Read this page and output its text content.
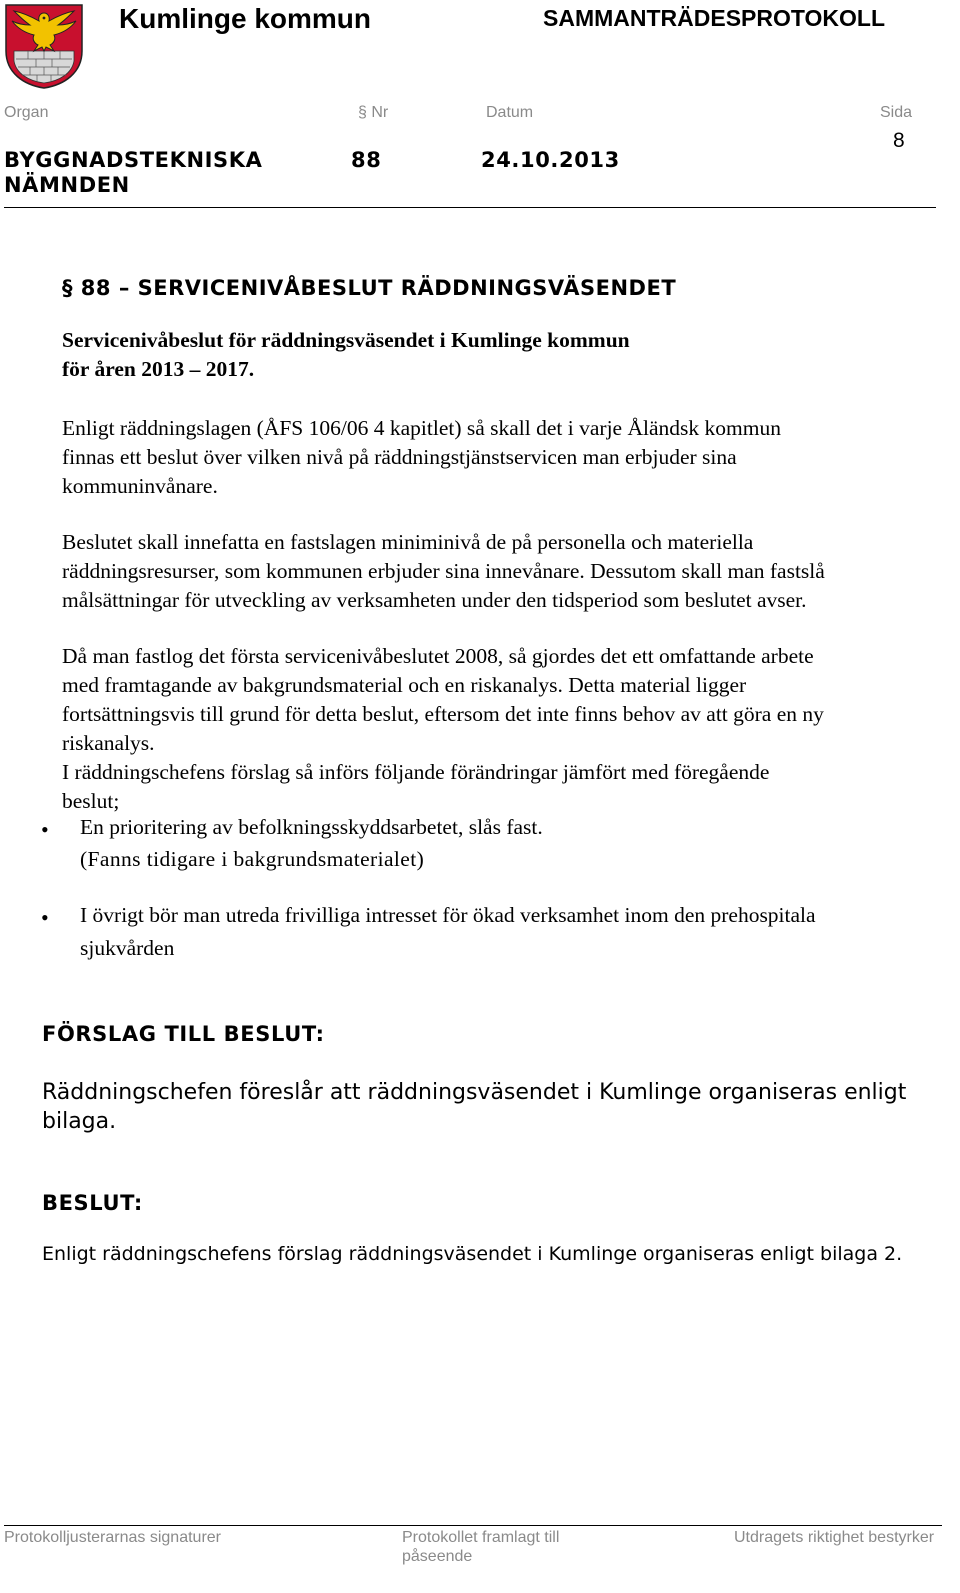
Kumlinge kommun	SAMMANTRÄDESPROTOKOLL
Organ	§ Nr	Datum	Sida
BYGGNADSTEKNISKA NÄMNDEN
88	24.10.2013
8
§ 88 – SERVICENIVÅBESLUT RÄDDNINGSVÄSENDET
Servicenivåbeslut för räddningsväsendet i Kumlinge kommun
för åren 2013 – 2017.
Enligt räddningslagen (ÅFS 106/06 4 kapitlet) så skall det i varje Åländsk kommun
finnas ett beslut över vilken nivå på räddningstjänstservicen man erbjuder sina
kommuninvånare.
Beslutet skall innefatta en fastslagen miniminivå de på personella och materiella
räddningsresurser, som kommunen erbjuder sina innevånare. Dessutom skall man fastslå
målsättningar för utveckling av verksamheten under den tidsperiod som beslutet avser.
Då man fastlog det första servicenivåbeslutet 2008, så gjordes det ett omfattande arbete
med framtagande av bakgrundsmaterial och en riskanalys. Detta material ligger
fortsättningsvis till grund för detta beslut, eftersom det inte finns behov av att göra en ny
riskanalys.
I räddningschefens förslag så införs följande förändringar jämfört med föregående
beslut;
• En prioritering av befolkningsskyddsarbetet, slås fast.
(Fanns tidigare i bakgrundsmaterialet)
• I övrigt bör man utreda frivilliga intresset för ökad verksamhet inom den prehospitala
sjukvården
FÖRSLAG TILL BESLUT:
Räddningschefen föreslår att räddningsväsendet i Kumlinge organiseras enligt bilaga.
BESLUT:
Enligt räddningschefens förslag räddningsväsendet i Kumlinge organiseras enligt bilaga 2.
Protokolljusterarnas signaturer	Protokollet framlagt till påseende
Utdragets riktighet bestyrker
